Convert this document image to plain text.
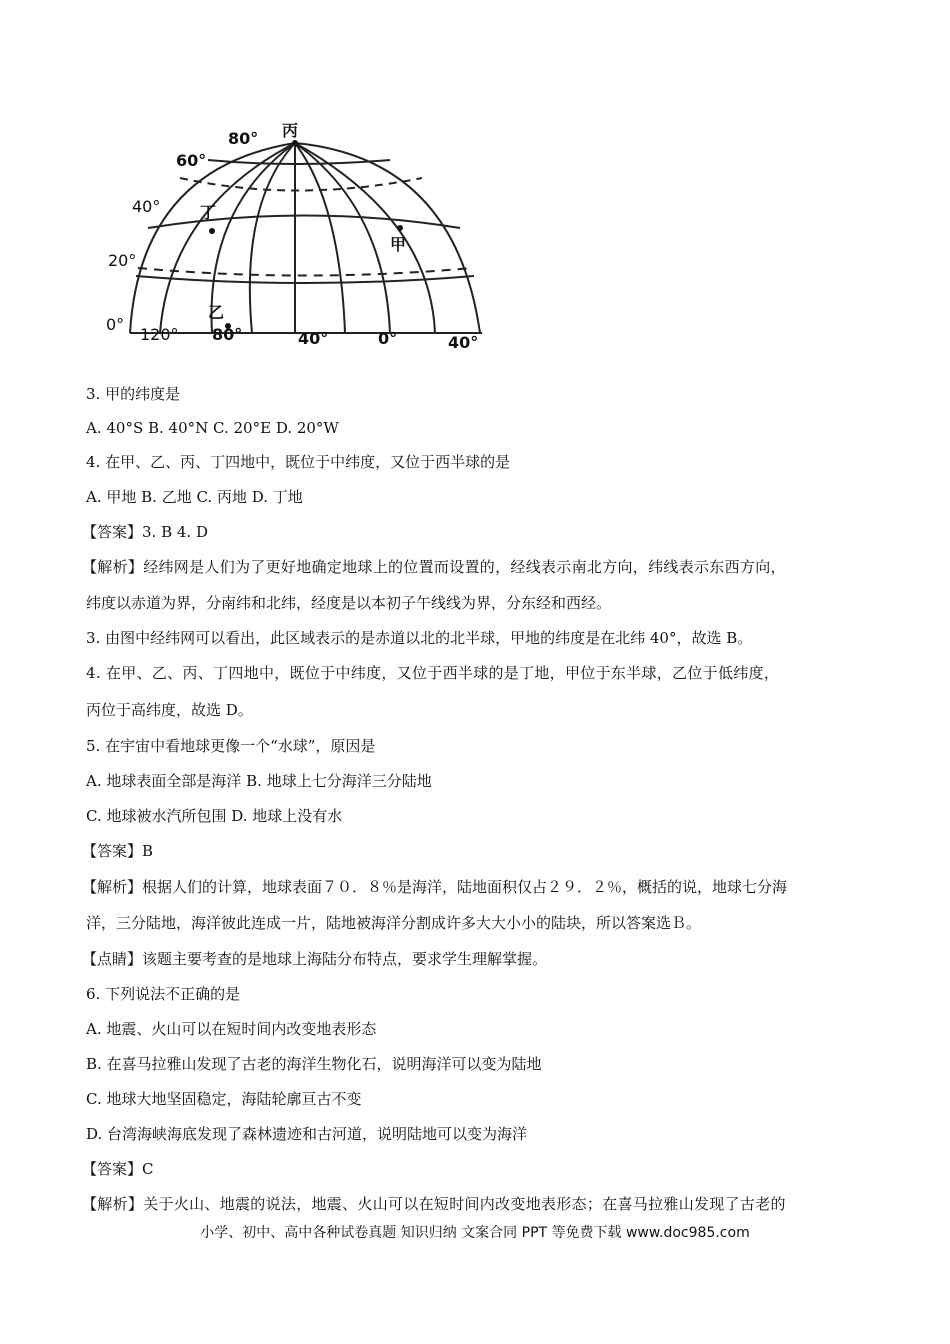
丙
甲
乙
丁
80°
60°
40°
20°
0°
120° 80°	40°	0°	40°
3. 甲的纬度是
A. 40°S B. 40°N C. 20°E D. 20°W
4. 在甲、乙、丙、丁四地中，既位于中纬度，又位于西半球的是
A. 甲地 B. 乙地 C. 丙地 D. 丁地
【答案】3. B 4. D
【解析】经纬网是人们为了更好地确定地球上的位置而设置的，经线表示南北方向，纬线表示东西方向，
纬度以赤道为界，分南纬和北纬，经度是以本初子午线线为界，分东经和西经。
3. 由图中经纬网可以看出，此区域表示的是赤道以北的北半球，甲地的纬度是在北纬 40°，故选 B。
4. 在甲、乙、丙、丁四地中，既位于中纬度，又位于西半球的是丁地，甲位于东半球，乙位于低纬度，
丙位于高纬度，故选 D。
5. 在宇宙中看地球更像一个“水球”，原因是
A. 地球表面全部是海洋 B. 地球上七分海洋三分陆地
C. 地球被水汽所包围 D. 地球上没有水
【答案】B
【解析】根据人们的计算，地球表面７０．８％是海洋，陆地面积仅占２９．２％，概括的说，地球七分海
洋，三分陆地，海洋彼此连成一片，陆地被海洋分割成许多大大小小的陆块，所以答案选Ｂ。
【点睛】该题主要考查的是地球上海陆分布特点，要求学生理解掌握。
6. 下列说法不正确的是
A. 地震、火山可以在短时间内改变地表形态
B. 在喜马拉雅山发现了古老的海洋生物化石，说明海洋可以变为陆地
C. 地球大地坚固稳定，海陆轮廓亘古不变
D. 台湾海峡海底发现了森林遗迹和古河道，说明陆地可以变为海洋
【答案】C
【解析】关于火山、地震的说法，地震、火山可以在短时间内改变地表形态；在喜马拉雅山发现了古老的
小学、初中、高中各种试卷真题 知识归纳 文案合同 PPT 等免费下载 www.doc985.com
